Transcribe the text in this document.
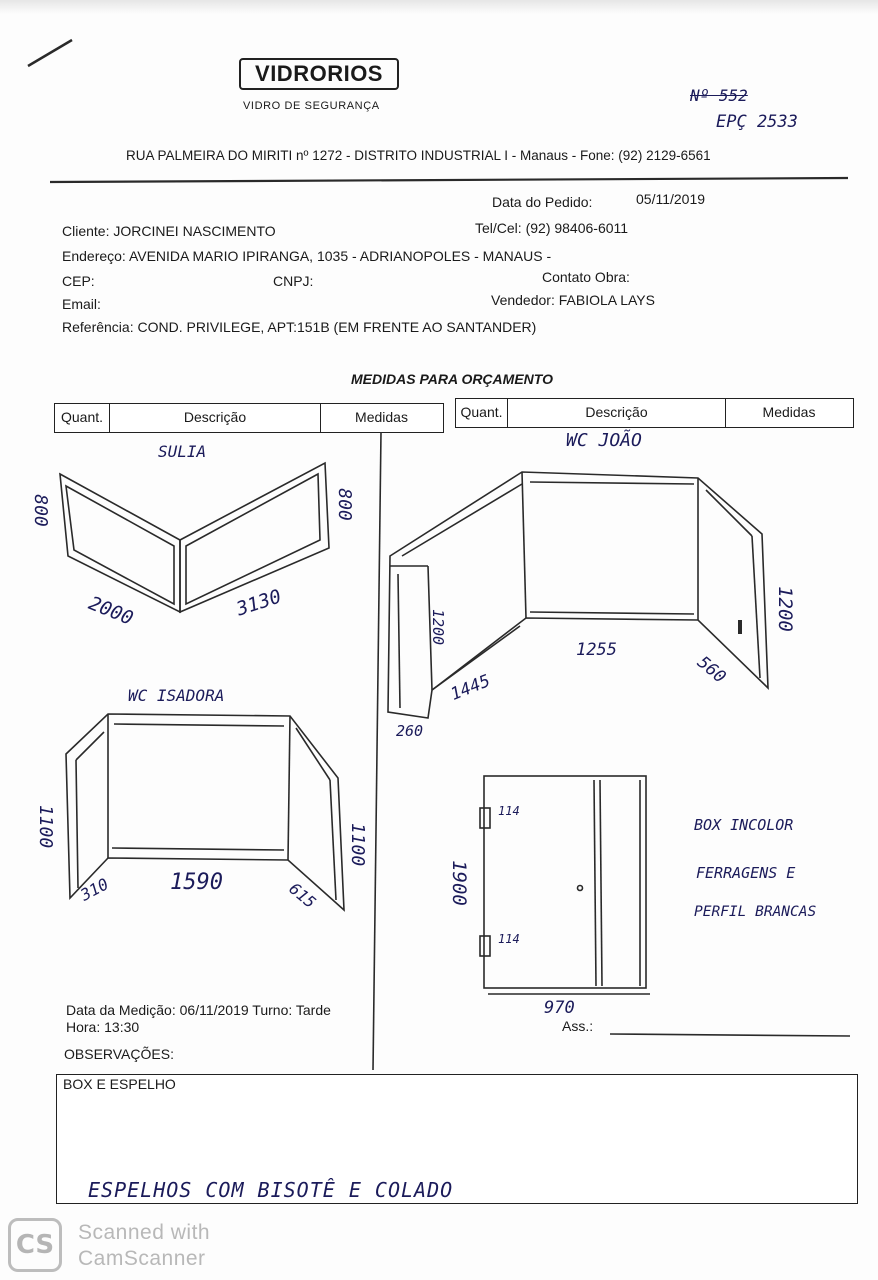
VIDRORIOS
VIDRO DE SEGURANÇA
Nº 552
EPÇ 2533
RUA PALMEIRA DO MIRITI nº 1272 - DISTRITO INDUSTRIAL I - Manaus - Fone: (92) 2129-6561
Data do Pedido:	05/11/2019
Cliente: JORCINEI NASCIMENTO	Tel/Cel: (92) 98406-6011
Endereço: AVENIDA MARIO IPIRANGA, 1035 - ADRIANOPOLES - MANAUS -
CEP:	CNPJ:	Contato Obra:
Email:	Vendedor: FABIOLA LAYS
Referência: COND. PRIVILEGE, APT:151B (EM FRENTE AO SANTANDER)
MEDIDAS PARA ORÇAMENTO
Quant.	Descrição	Medidas	Quant.	Descrição	Medidas
SULIA
800	800
2000	3130
WC JOÃO
1200
1445
1255
560
1200
260
WC ISADORA
1100	1100
310	1590	615	1900
970
114
114
BOX INCOLOR
FERRAGENS E
PERFIL BRANCAS
Data da Medição: 06/11/2019 Turno: Tarde
Hora: 13:30	Ass.:
OBSERVAÇÕES:
BOX E ESPELHO
ESPELHOS COM BISOTÊ E COLADO
CS	Scanned with
CamScanner
